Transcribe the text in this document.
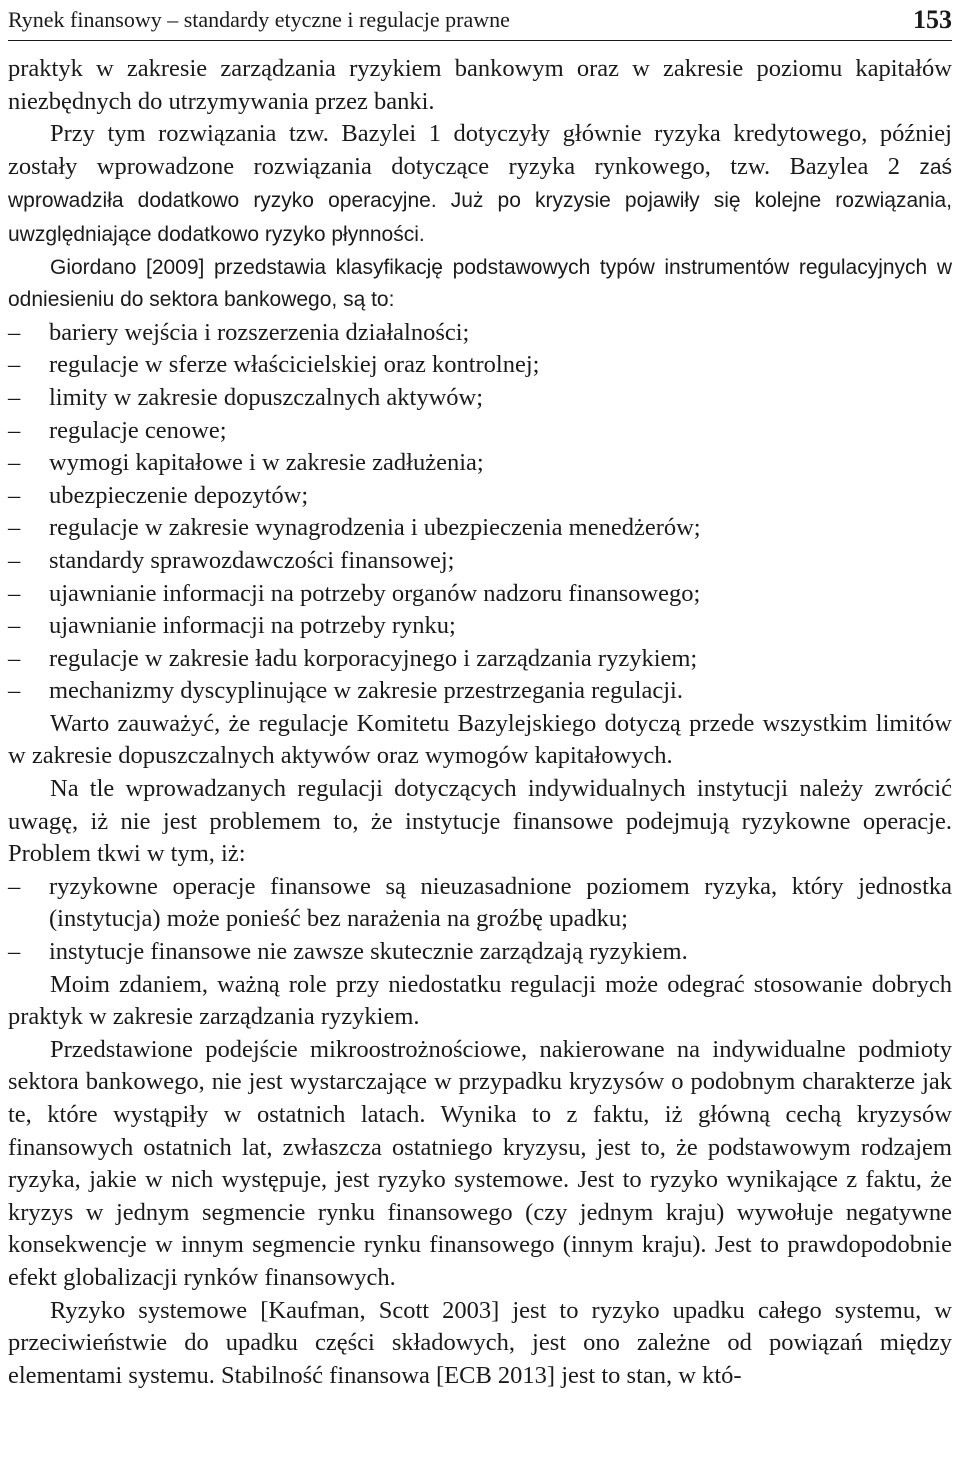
Rynek finansowy – standardy etyczne i regulacje prawne	153

praktyk w zakresie zarządzania ryzykiem bankowym oraz w zakresie poziomu kapitałów niezbędnych do utrzymywania przez banki.

Przy tym rozwiązania tzw. Bazylei 1 dotyczyły głównie ryzyka kredytowego, później zostały wprowadzone rozwiązania dotyczące ryzyka rynkowego, tzw. Bazylea 2 zaś wprowadziła dodatkowo ryzyko operacyjne. Już po kryzysie pojawiły się kolejne rozwiązania, uwzględniające dodatkowo ryzyko płynności.

Giordano [2009] przedstawia klasyfikację podstawowych typów instrumentów regulacyjnych w odniesieniu do sektora bankowego, są to:

– bariery wejścia i rozszerzenia działalności;
– regulacje w sferze właścicielskiej oraz kontrolnej;
– limity w zakresie dopuszczalnych aktywów;
– regulacje cenowe;
– wymogi kapitałowe i w zakresie zadłużenia;
– ubezpieczenie depozytów;
– regulacje w zakresie wynagrodzenia i ubezpieczenia menedżerów;
– standardy sprawozdawczości finansowej;
– ujawnianie informacji na potrzeby organów nadzoru finansowego;
– ujawnianie informacji na potrzeby rynku;
– regulacje w zakresie ładu korporacyjnego i zarządzania ryzykiem;
– mechanizmy dyscyplinujące w zakresie przestrzegania regulacji.

Warto zauważyć, że regulacje Komitetu Bazylejskiego dotyczą przede wszystkim limitów w zakresie dopuszczalnych aktywów oraz wymogów kapitałowych.

Na tle wprowadzanych regulacji dotyczących indywidualnych instytucji należy zwrócić uwagę, iż nie jest problemem to, że instytucje finansowe podejmują ryzykowne operacje. Problem tkwi w tym, iż:

– ryzykowne operacje finansowe są nieuzasadnione poziomem ryzyka, który jednostka (instytucja) może ponieść bez narażenia na groźbę upadku;
– instytucje finansowe nie zawsze skutecznie zarządzają ryzykiem.

Moim zdaniem, ważną role przy niedostatku regulacji może odegrać stosowanie dobrych praktyk w zakresie zarządzania ryzykiem.

Przedstawione podejście mikroostrożnościowe, nakierowane na indywidualne podmioty sektora bankowego, nie jest wystarczające w przypadku kryzysów o podobnym charakterze jak te, które wystąpiły w ostatnich latach. Wynika to z faktu, iż główną cechą kryzysów finansowych ostatnich lat, zwłaszcza ostatniego kryzysu, jest to, że podstawowym rodzajem ryzyka, jakie w nich występuje, jest ryzyko systemowe. Jest to ryzyko wynikające z faktu, że kryzys w jednym segmencie rynku finansowego (czy jednym kraju) wywołuje negatywne konsekwencje w innym segmencie rynku finansowego (innym kraju). Jest to prawdopodobnie efekt globalizacji rynków finansowych.

Ryzyko systemowe [Kaufman, Scott 2003] jest to ryzyko upadku całego systemu, w przeciwieństwie do upadku części składowych, jest ono zależne od powiązań między elementami systemu. Stabilność finansowa [ECB 2013] jest to stan, w któ-
